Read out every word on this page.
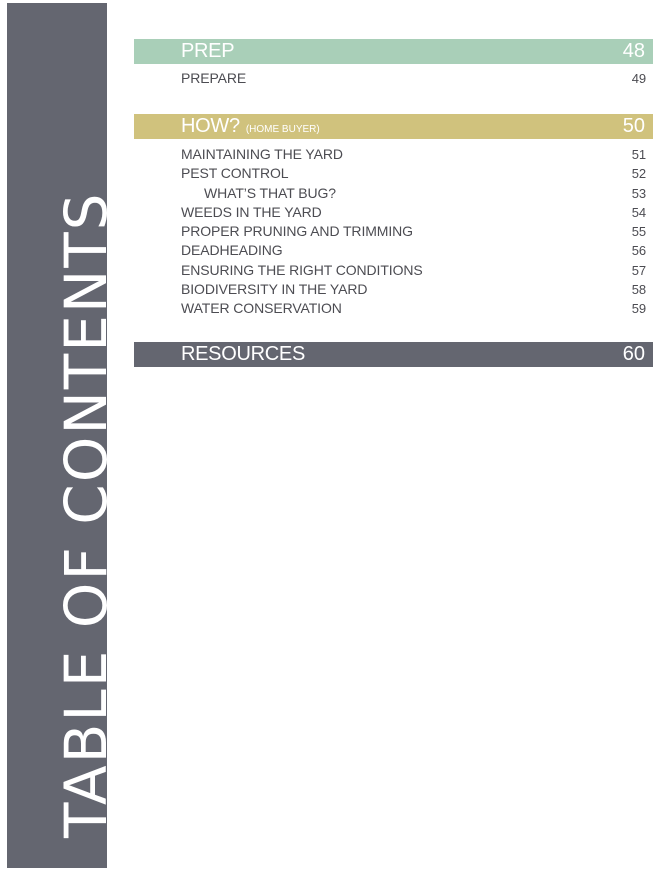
TABLE OF CONTENTS
PREP	48
PREPARE	49
HOW? (HOME BUYER)	50
MAINTAINING THE YARD	51
PEST CONTROL	52
WHAT’S THAT BUG?	53
WEEDS IN THE YARD	54
PROPER PRUNING AND TRIMMING	55
DEADHEADING	56
ENSURING THE RIGHT CONDITIONS	57
BIODIVERSITY IN THE YARD	58
WATER CONSERVATION	59
RESOURCES	60
